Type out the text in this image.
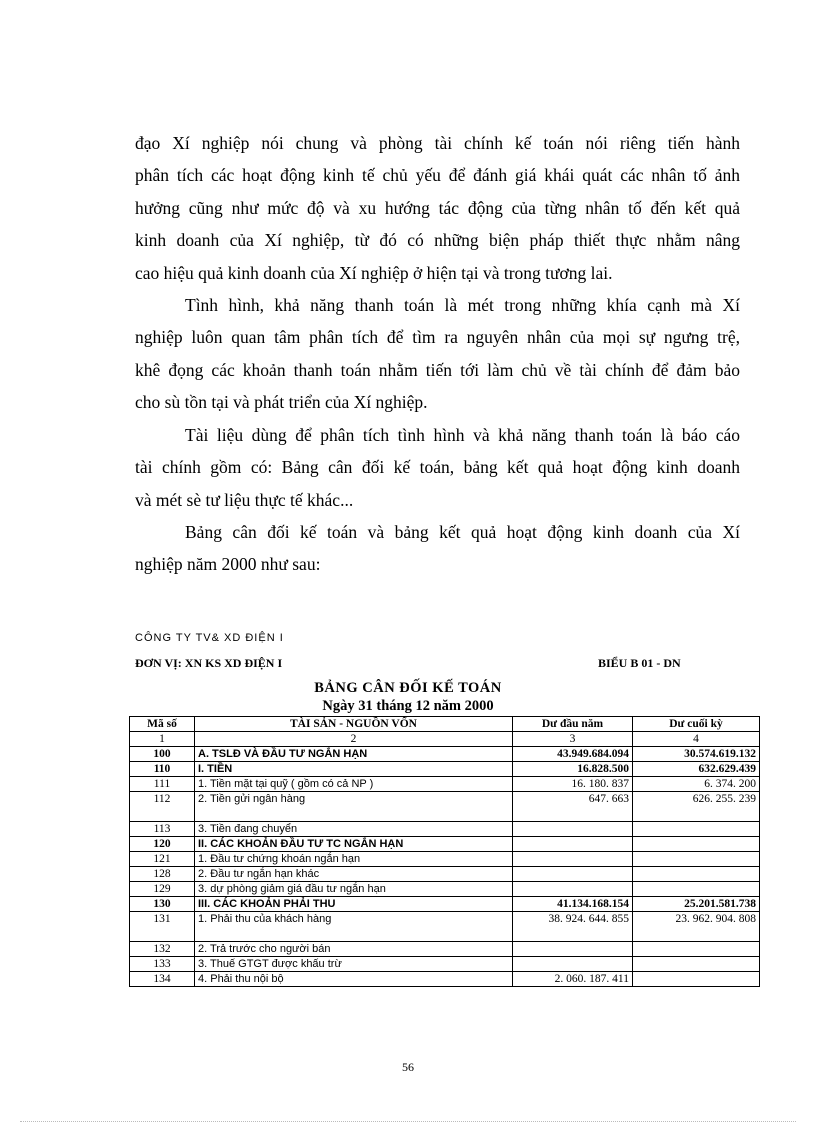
đạo Xí nghiệp nói chung và phòng tài chính kế toán nói riêng tiến hành
phân tích các hoạt động kinh tế chủ yếu để đánh giá khái quát các nhân tố ảnh
hưởng cũng như mức độ và xu hướng tác động của từng nhân tố đến kết quả
kinh doanh của Xí nghiệp, từ đó có những biện pháp thiết thực nhằm nâng
cao hiệu quả kinh doanh của Xí nghiệp ở hiện tại và trong tương lai.

Tình hình, khả năng thanh toán là mét trong những khía cạnh mà Xí
nghiệp luôn quan tâm phân tích để tìm ra nguyên nhân của mọi sự ngưng trệ,
khê đọng các khoản thanh toán nhằm tiến tới làm chủ về tài chính để đảm bảo
cho sù tồn tại và phát triển của Xí nghiệp.

Tài liệu dùng để phân tích tình hình và khả năng thanh toán là báo cáo
tài chính gồm có: Bảng cân đối kế toán, bảng kết quả hoạt động kinh doanh
và mét sè tư liệu thực tế khác...

Bảng cân đối kế toán và bảng kết quả hoạt động kinh doanh của Xí
nghiệp năm 2000 như sau:

CÔNG TY TV& XD ĐIỆN I
ĐƠN VỊ: XN KS XD ĐIỆN I	BIỂU B 01 - DN
BẢNG CÂN ĐỐI KẾ TOÁN
Ngày 31 tháng 12 năm 2000
Mã số	TÀI SẢN - NGUỒN VỐN	Dư đầu năm	Dư cuối kỳ
1	2	3	4
100	A. TSLĐ VÀ ĐẦU TƯ NGẮN HẠN	43.949.684.094	30.574.619.132
110	I. TIỀN	16.828.500	632.629.439
111	1. Tiền mặt tại quỹ ( gồm có cả NP )	16. 180. 837	6. 374. 200
112	2. Tiền gửi ngân hàng	647. 663	626. 255. 239
113	3. Tiền đang chuyển		
120	II. CÁC KHOẢN ĐẦU TƯ TC NGẮN HẠN		
121	1. Đầu tư chứng khoán ngắn hạn		
128	2. Đầu tư ngắn hạn khác		
129	3. dự phòng giảm giá đầu tư ngắn hạn		
130	III. CÁC KHOẢN PHẢI THU	41.134.168.154	25.201.581.738
131	1. Phải thu của khách hàng	38. 924. 644. 855	23. 962. 904. 808
132	2. Trả trước cho người bán		
133	3. Thuế GTGT được khấu trừ		
134	4. Phải thu nội bộ	2. 060. 187. 411	
56
